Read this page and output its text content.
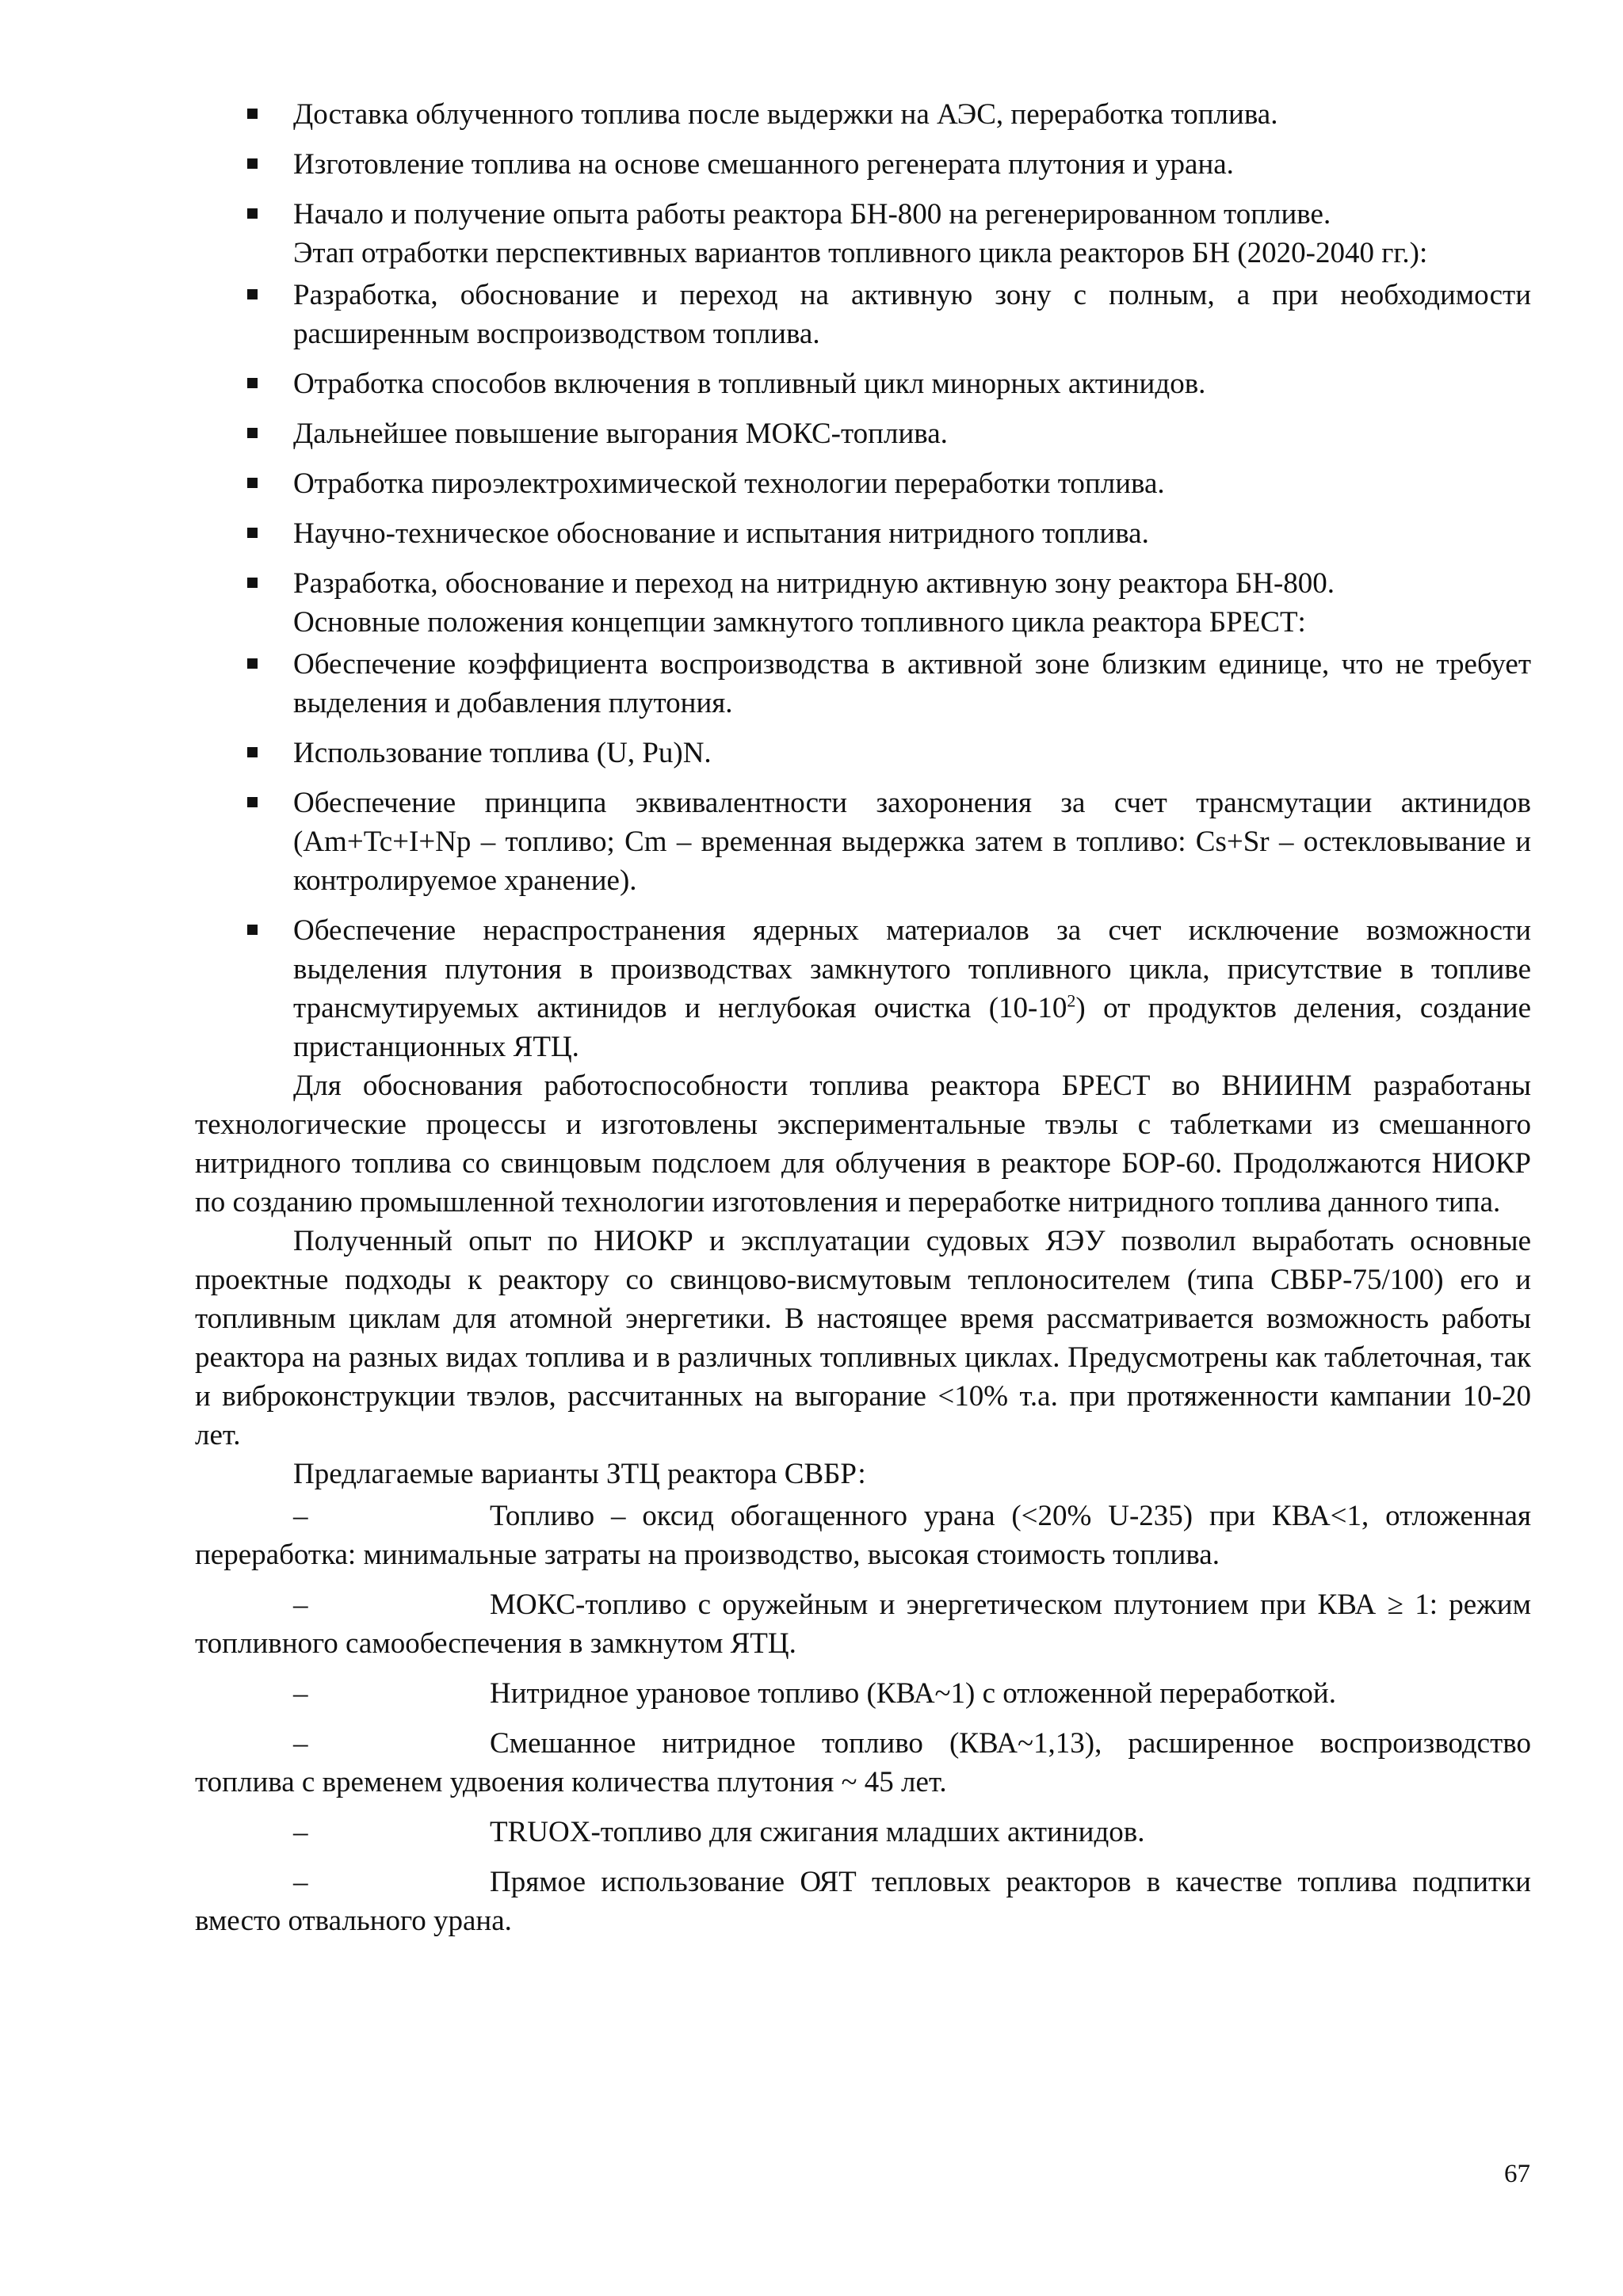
Доставка облученного топлива после выдержки на АЭС, переработка топлива.
Изготовление топлива на основе смешанного регенерата плутония и урана.
Начало и получение опыта работы реактора БН-800 на регенерированном топливе.

Этап отработки перспективных вариантов топливного цикла реакторов БН (2020-2040 гг.):

Разработка, обоснование и переход на активную зону с полным, а при необходимости расширенным воспроизводством топлива.
Отработка способов включения в топливный цикл минорных актинидов.
Дальнейшее повышение выгорания МОКС-топлива.
Отработка пироэлектрохимической технологии переработки топлива.
Научно-техническое обоснование и испытания нитридного топлива.
Разработка, обоснование и переход на нитридную активную зону реактора БН-800.

Основные положения концепции замкнутого топливного цикла реактора БРЕСТ:

Обеспечение коэффициента воспроизводства в активной зоне близким единице, что не требует выделения и добавления плутония.
Использование топлива (U, Pu)N.
Обеспечение принципа эквивалентности захоронения за счет трансмутации актинидов (Am+Tc+I+Np – топливо; Cm – временная выдержка затем в топливо: Cs+Sr – остекловывание и контролируемое хранение).
Обеспечение нераспространения ядерных материалов за счет исключение возможности выделения плутония в производствах замкнутого топливного цикла, присутствие в топливе трансмутируемых актинидов и неглубокая очистка $(10-10^2)$ от продуктов деления, создание пристанционных ЯТЦ.

Для обоснования работоспособности топлива реактора БРЕСТ во ВНИИНМ разработаны технологические процессы и изготовлены экспериментальные твэлы с таблетками из смешанного нитридного топлива со свинцовым подслоем для облучения в реакторе БОР-60. Продолжаются НИОКР по созданию промышленной технологии изготовления и переработке нитридного топлива данного типа.

Полученный опыт по НИОКР и эксплуатации судовых ЯЭУ позволил выработать основные проектные подходы к реактору со свинцово-висмутовым теплоносителем (типа СВБР-75/100) его и топливным циклам для атомной энергетики. В настоящее время рассматривается возможность работы реактора на разных видах топлива и в различных топливных циклах. Предусмотрены как таблеточная, так и виброконструкции твэлов, рассчитанных на выгорание <10% т.а. при протяженности кампании 10-20 лет.

Предлагаемые варианты ЗТЦ реактора СВБР:

–	Топливо – оксид обогащенного урана (<20% U-235) при КВА<1, отложенная переработка: минимальные затраты на производство, высокая стоимость топлива.

–	МОКС-топливо с оружейным и энергетическом плутонием при КВА ≥ 1: режим топливного самообеспечения в замкнутом ЯТЦ.

–	Нитридное урановое топливо (КВА~1) с отложенной переработкой.

–	Смешанное нитридное топливо (КВА~1,13), расширенное воспроизводство топлива с временем удвоения количества плутония ~ 45 лет.

–	TRUOX-топливо для сжигания младших актинидов.

–	Прямое использование ОЯТ тепловых реакторов в качестве топлива подпитки вместо отвального урана.

67
